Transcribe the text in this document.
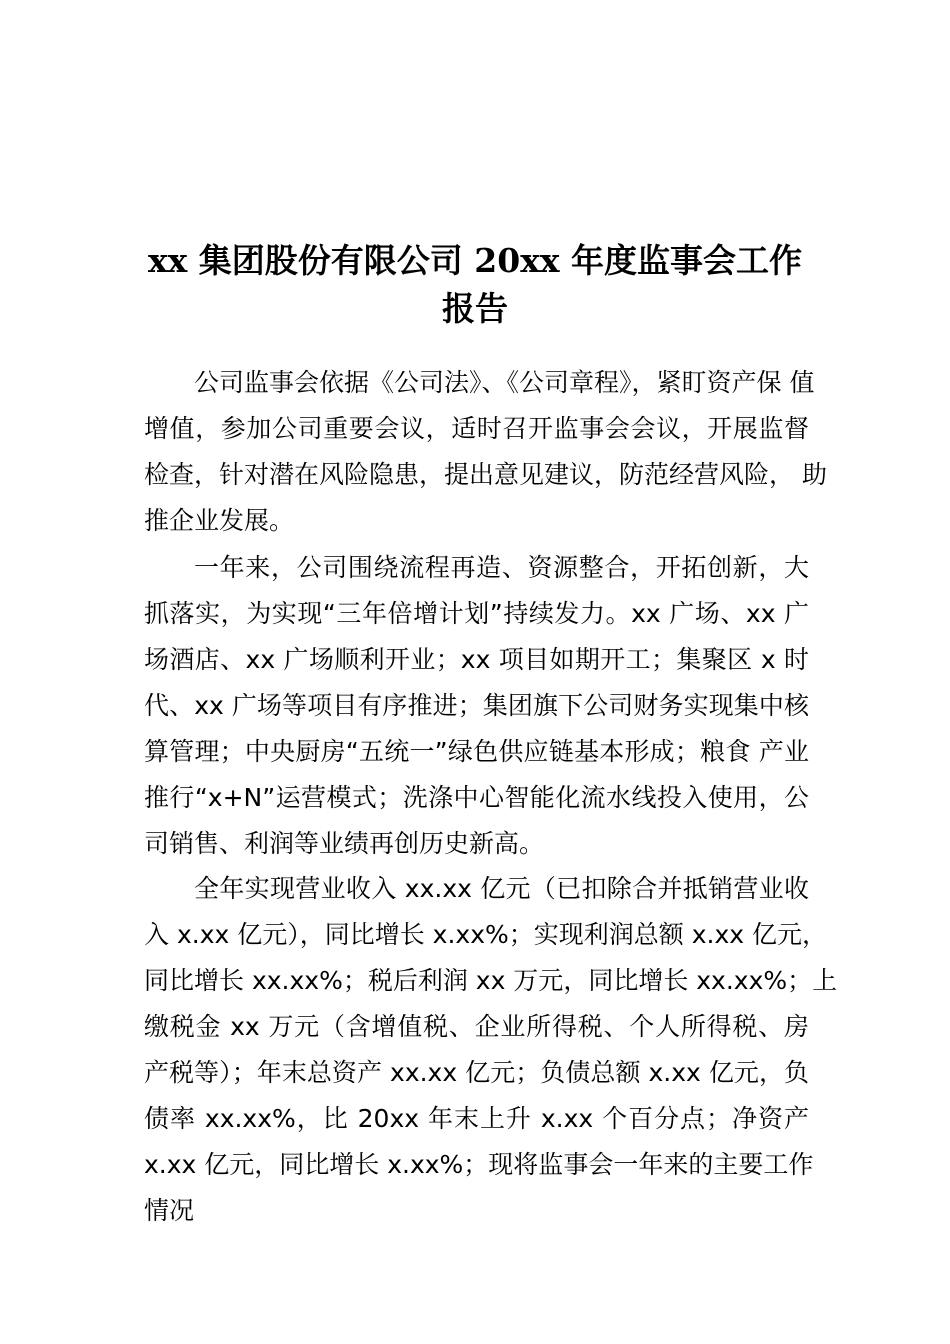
xx 集团股份有限公司 20xx 年度监事会工作
报告
公司监事会依据《公司法》、《公司章程》，紧盯资产保 值
增值，参加公司重要会议，适时召开监事会会议，开展监督
检查，针对潜在风险隐患，提出意见建议，防范经营风险， 助
推企业发展。
一年来，公司围绕流程再造、资源整合，开拓创新，大
抓落实，为实现“三年倍增计划”持续发力。xx 广场、xx 广
场酒店、xx 广场顺利开业；xx 项目如期开工；集聚区 x 时
代、xx 广场等项目有序推进；集团旗下公司财务实现集中核
算管理；中央厨房“五统一”绿色供应链基本形成；粮食 产业
推行“x+N”运营模式；洗涤中心智能化流水线投入使用，公
司销售、利润等业绩再创历史新高。
全年实现营业收入 xx.xx 亿元（已扣除合并抵销营业收
入 x.xx 亿元），同比增长 x.xx%；实现利润总额 x.xx 亿元，
同比增长 xx.xx%；税后利润 xx 万元，同比增长 xx.xx%；上
缴税金 xx 万元（含增值税、企业所得税、个人所得税、房
产税等）；年末总资产 xx.xx 亿元；负债总额 x.xx 亿元，负
债率 xx.xx%，比 20xx 年末上升 x.xx 个百分点；净资产
x.xx 亿元，同比增长 x.xx%；现将监事会一年来的主要工作
情况
